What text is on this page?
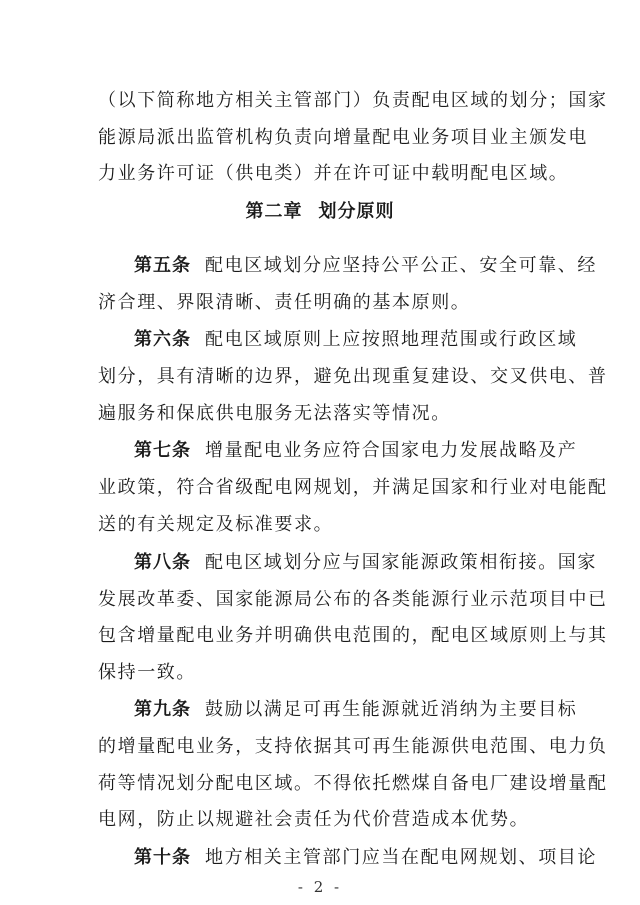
（以下简称地方相关主管部门）负责配电区域的划分；国家
能源局派出监管机构负责向增量配电业务项目业主颁发电
力业务许可证（供电类）并在许可证中载明配电区域。
第二章 划分原则
第五条 配电区域划分应坚持公平公正、安全可靠、经
济合理、界限清晰、责任明确的基本原则。
第六条 配电区域原则上应按照地理范围或行政区域
划分，具有清晰的边界，避免出现重复建设、交叉供电、普
遍服务和保底供电服务无法落实等情况。
第七条 增量配电业务应符合国家电力发展战略及产
业政策，符合省级配电网规划，并满足国家和行业对电能配
送的有关规定及标准要求。
第八条 配电区域划分应与国家能源政策相衔接。国家
发展改革委、国家能源局公布的各类能源行业示范项目中已
包含增量配电业务并明确供电范围的，配电区域原则上与其
保持一致。
第九条 鼓励以满足可再生能源就近消纳为主要目标
的增量配电业务，支持依据其可再生能源供电范围、电力负
荷等情况划分配电区域。不得依托燃煤自备电厂建设增量配
电网，防止以规避社会责任为代价营造成本优势。
第十条 地方相关主管部门应当在配电网规划、项目论
- 2 -
